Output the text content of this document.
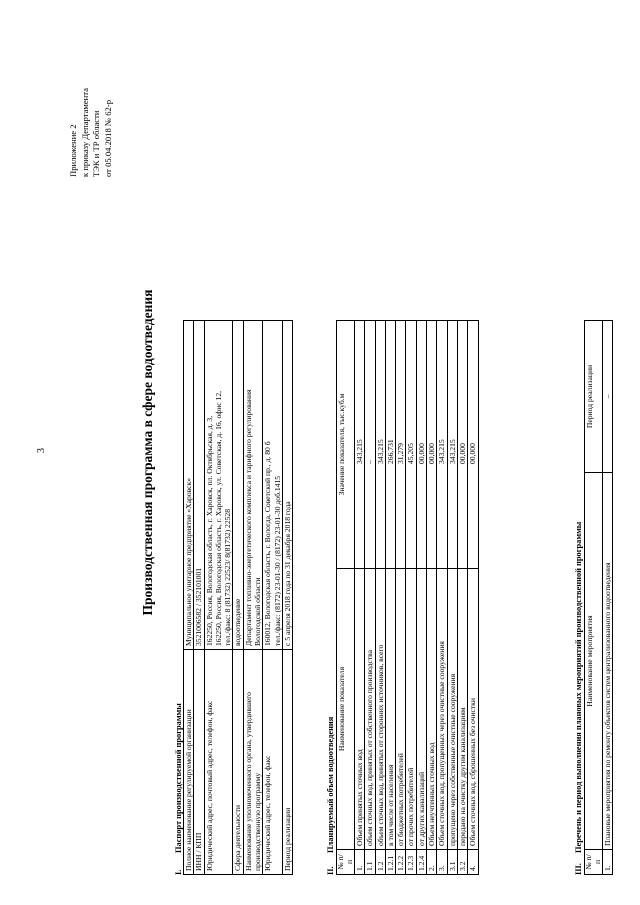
3
Приложение 2 к приказу Департамента ТЭК и ТР области от 05.04.2018 № 62-р
Производственная программа в сфере водоотведения
I.Паспорт производственной программы Полное наименование регулируемой организации	Муниципальное унитарное предприятие «Харовск»
ИНН / КПП	3521006582 / 352101001
Юридический адрес, почтовый адрес, телефон, факс	162250, Россия, Вологодская область, г. Харовск, пл. Октябрьская, д. 3, 162250, Россия, Вологодская область, г. Харовск, ул. Советская, д. 16, офис 12, тел./факс: 8 (81732) 22523/ 8(81732) 22528

Сфера деятельности	водоотведение
Наименование уполномоченного органа, утвердившего производственную программу	Департамент топливно-энергетического комплекса и тарифного регулирования Вологодской области

Юридический адрес, телефон, факс	160012, Вологодская область, г. Вологда, Советский пр., д. 80 б тел./факс: (8172) 23-01-30 / (8172) 23-01-30 доб.1415

Период реализации	с 5 апреля 2018 года по 31 декабря 2018 года
II.Планируемый объем водоотведения
№ п/п	Наименование показателя	Значение показателя, тыс.куб.м
1.	Объем принятых сточных вод	343,215
1.1	объем сточных вод, принятых от собственного производства	–
1.2	объем сточных вод, принятых от сторонних источников, всего	343,215
1.2.1	в том числе от населения	266,731
1.2.2	от бюджетных потребителей	31,279
1.2.3	от прочих потребителей	45,205
1.2.4	от других канализаций	00,000
2.	Объем неучтенных сточных вод	00,000
3.	Объем сточных вод, пропущенных через очистные сооружения	343,215
3.1	пропущено через собственные очистные сооружения	343,215
3.2	передано на очистку другим канализациям	00,000
4.	Объем сточных вод, сброшенных без очистки	00,000
III.Перечень и период выполнения плановых мероприятий производственной программы
№ п/п	Наименование мероприятия	Период реализации
1.	Плановые мероприятия по ремонту объектов систем централизованного водоотведения	–
